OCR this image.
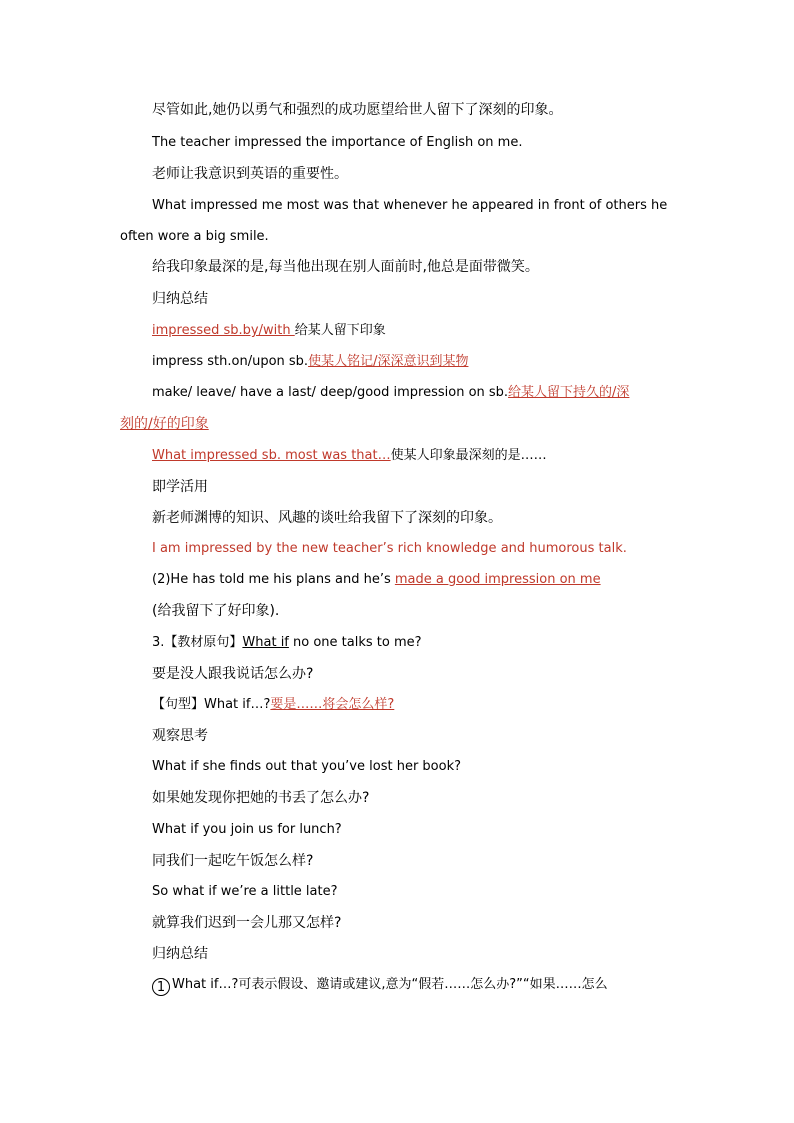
尽管如此,她仍以勇气和强烈的成功愿望给世人留下了深刻的印象。
The teacher impressed the importance of English on me.
老师让我意识到英语的重要性。
What impressed me most was that whenever he appeared in front of others he
often wore a big smile.
给我印象最深的是,每当他出现在别人面前时,他总是面带微笑。
归纳总结
impressed sb.by/with 给某人留下印象
impress sth.on/upon sb.使某人铭记/深深意识到某物
make/ leave/ have a last/ deep/good impression on sb.给某人留下持久的/深
刻的/好的印象
What impressed sb. most was that…使某人印象最深刻的是……
即学活用
新老师渊博的知识、风趣的谈吐给我留下了深刻的印象。
I am impressed by the new teacher’s rich knowledge and humorous talk.
(2)He has told me his plans and he’s made a good impression on me
(给我留下了好印象).
3.【教材原句】What if no one talks to me?
要是没人跟我说话怎么办?
【句型】What if…?要是……将会怎么样?
观察思考
What if she finds out that you’ve lost her book?
如果她发现你把她的书丢了怎么办?
What if you join us for lunch?
同我们一起吃午饭怎么样?
So what if we’re a little late?
就算我们迟到一会儿那又怎样?
归纳总结
1 What if…?可表示假设、邀请或建议,意为“假若……怎么办?”“如果……怎么
